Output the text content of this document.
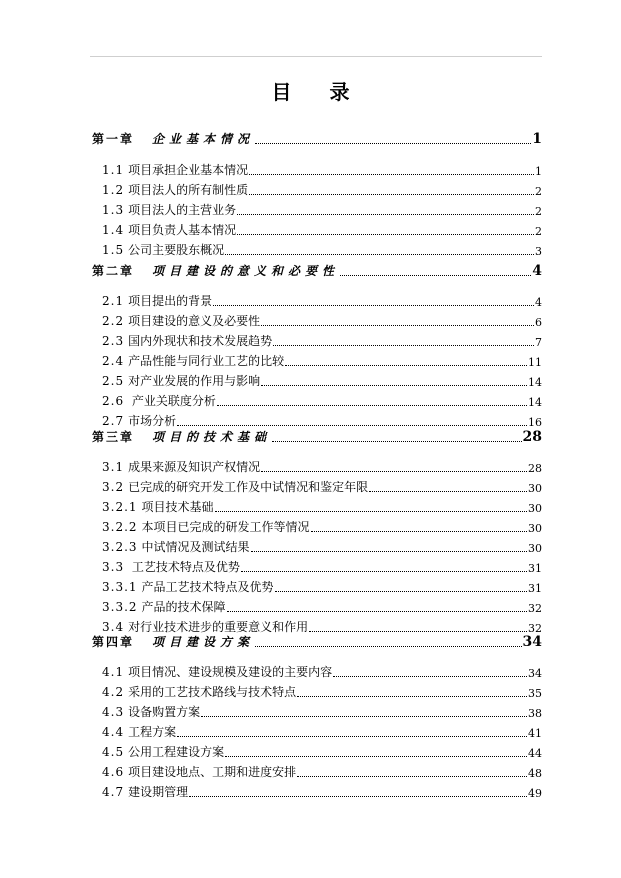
目 录
第一章 企业基本情况	1
1.1 项目承担企业基本情况	1
1.2 项目法人的所有制性质	2
1.3 项目法人的主营业务	2
1.4 项目负责人基本情况	2
1.5 公司主要股东概况	3
第二章 项目建设的意义和必要性	4
2.1 项目提出的背景	4
2.2 项目建设的意义及必要性	6
2.3 国内外现状和技术发展趋势	7
2.4 产品性能与同行业工艺的比较	11
2.5 对产业发展的作用与影响	14
2.6 产业关联度分析	14
2.7 市场分析	16
第三章 项目的技术基础	28
3.1 成果来源及知识产权情况	28
3.2 已完成的研究开发工作及中试情况和鉴定年限	30
3.2.1 项目技术基础	30
3.2.2 本项目已完成的研发工作等情况	30
3.2.3 中试情况及测试结果	30
3.3 工艺技术特点及优势	31
3.3.1 产品工艺技术特点及优势	31
3.3.2 产品的技术保障	32
3.4 对行业技术进步的重要意义和作用	32
第四章 项目建设方案	34
4.1 项目情况、建设规模及建设的主要内容	34
4.2 采用的工艺技术路线与技术特点	35
4.3 设备购置方案	38
4.4 工程方案	41
4.5 公用工程建设方案	44
4.6 项目建设地点、工期和进度安排	48
4.7 建设期管理	49
